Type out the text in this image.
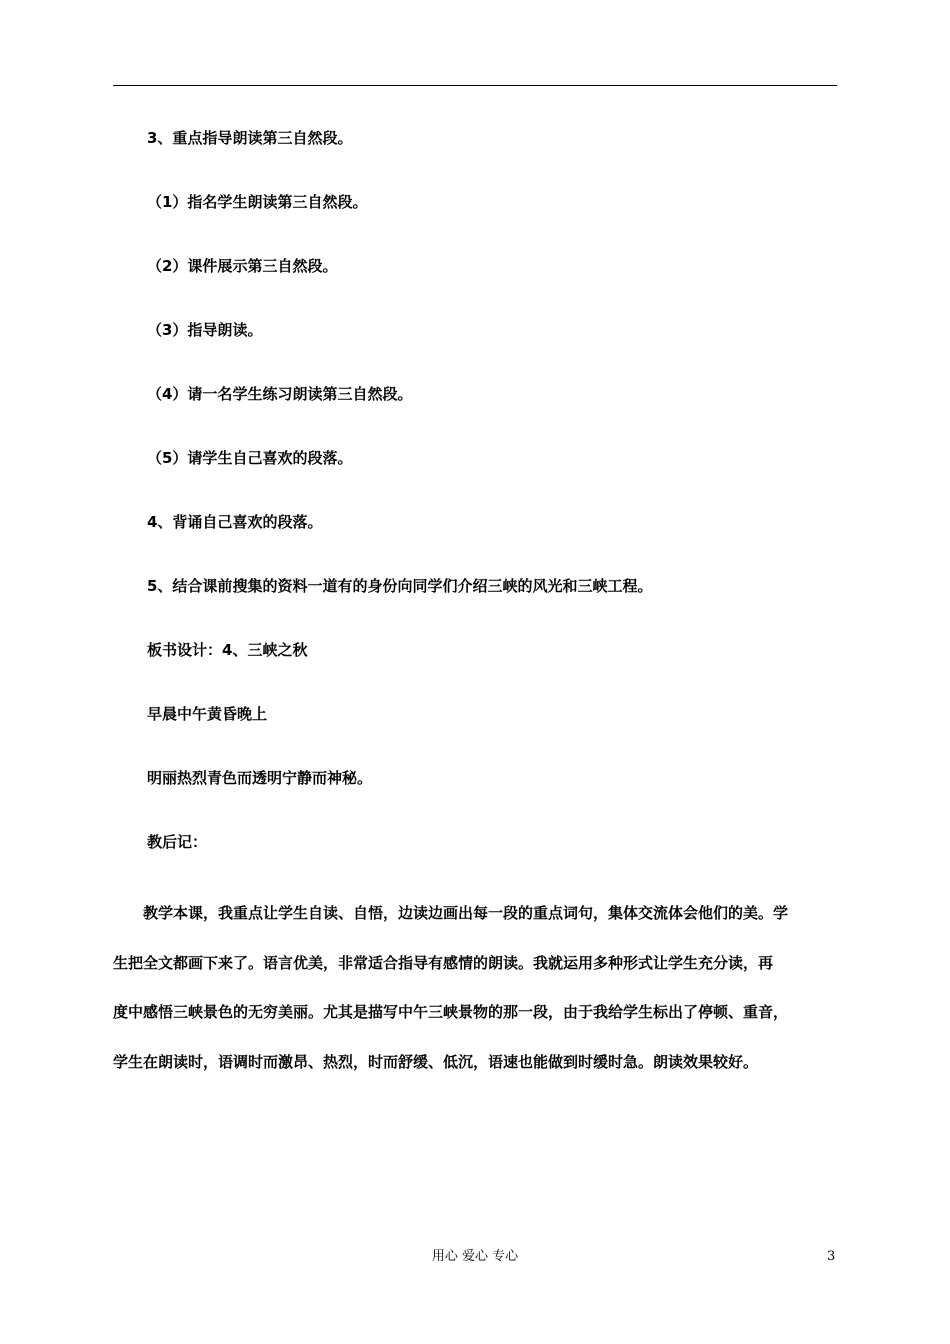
3、重点指导朗读第三自然段。
（1）指名学生朗读第三自然段。
（2）课件展示第三自然段。
（3）指导朗读。
（4）请一名学生练习朗读第三自然段。
（5）请学生自己喜欢的段落。
4、背诵自己喜欢的段落。
5、结合课前搜集的资料一道有的身份向同学们介绍三峡的风光和三峡工程。
板书设计：4、三峡之秋
早晨中午黄昏晚上
明丽热烈青色而透明宁静而神秘。
教后记：
　　教学本课，我重点让学生自读、自悟，边读边画出每一段的重点词句，集体交流体会他们的美。学
生把全文都画下来了。语言优美，非常适合指导有感情的朗读。我就运用多种形式让学生充分读，再
度中感悟三峡景色的无穷美丽。尤其是描写中午三峡景物的那一段，由于我给学生标出了停顿、重音，
学生在朗读时，语调时而激昂、热烈，时而舒缓、低沉，语速也能做到时缓时急。朗读效果较好。
用心 爱心 专心	3
